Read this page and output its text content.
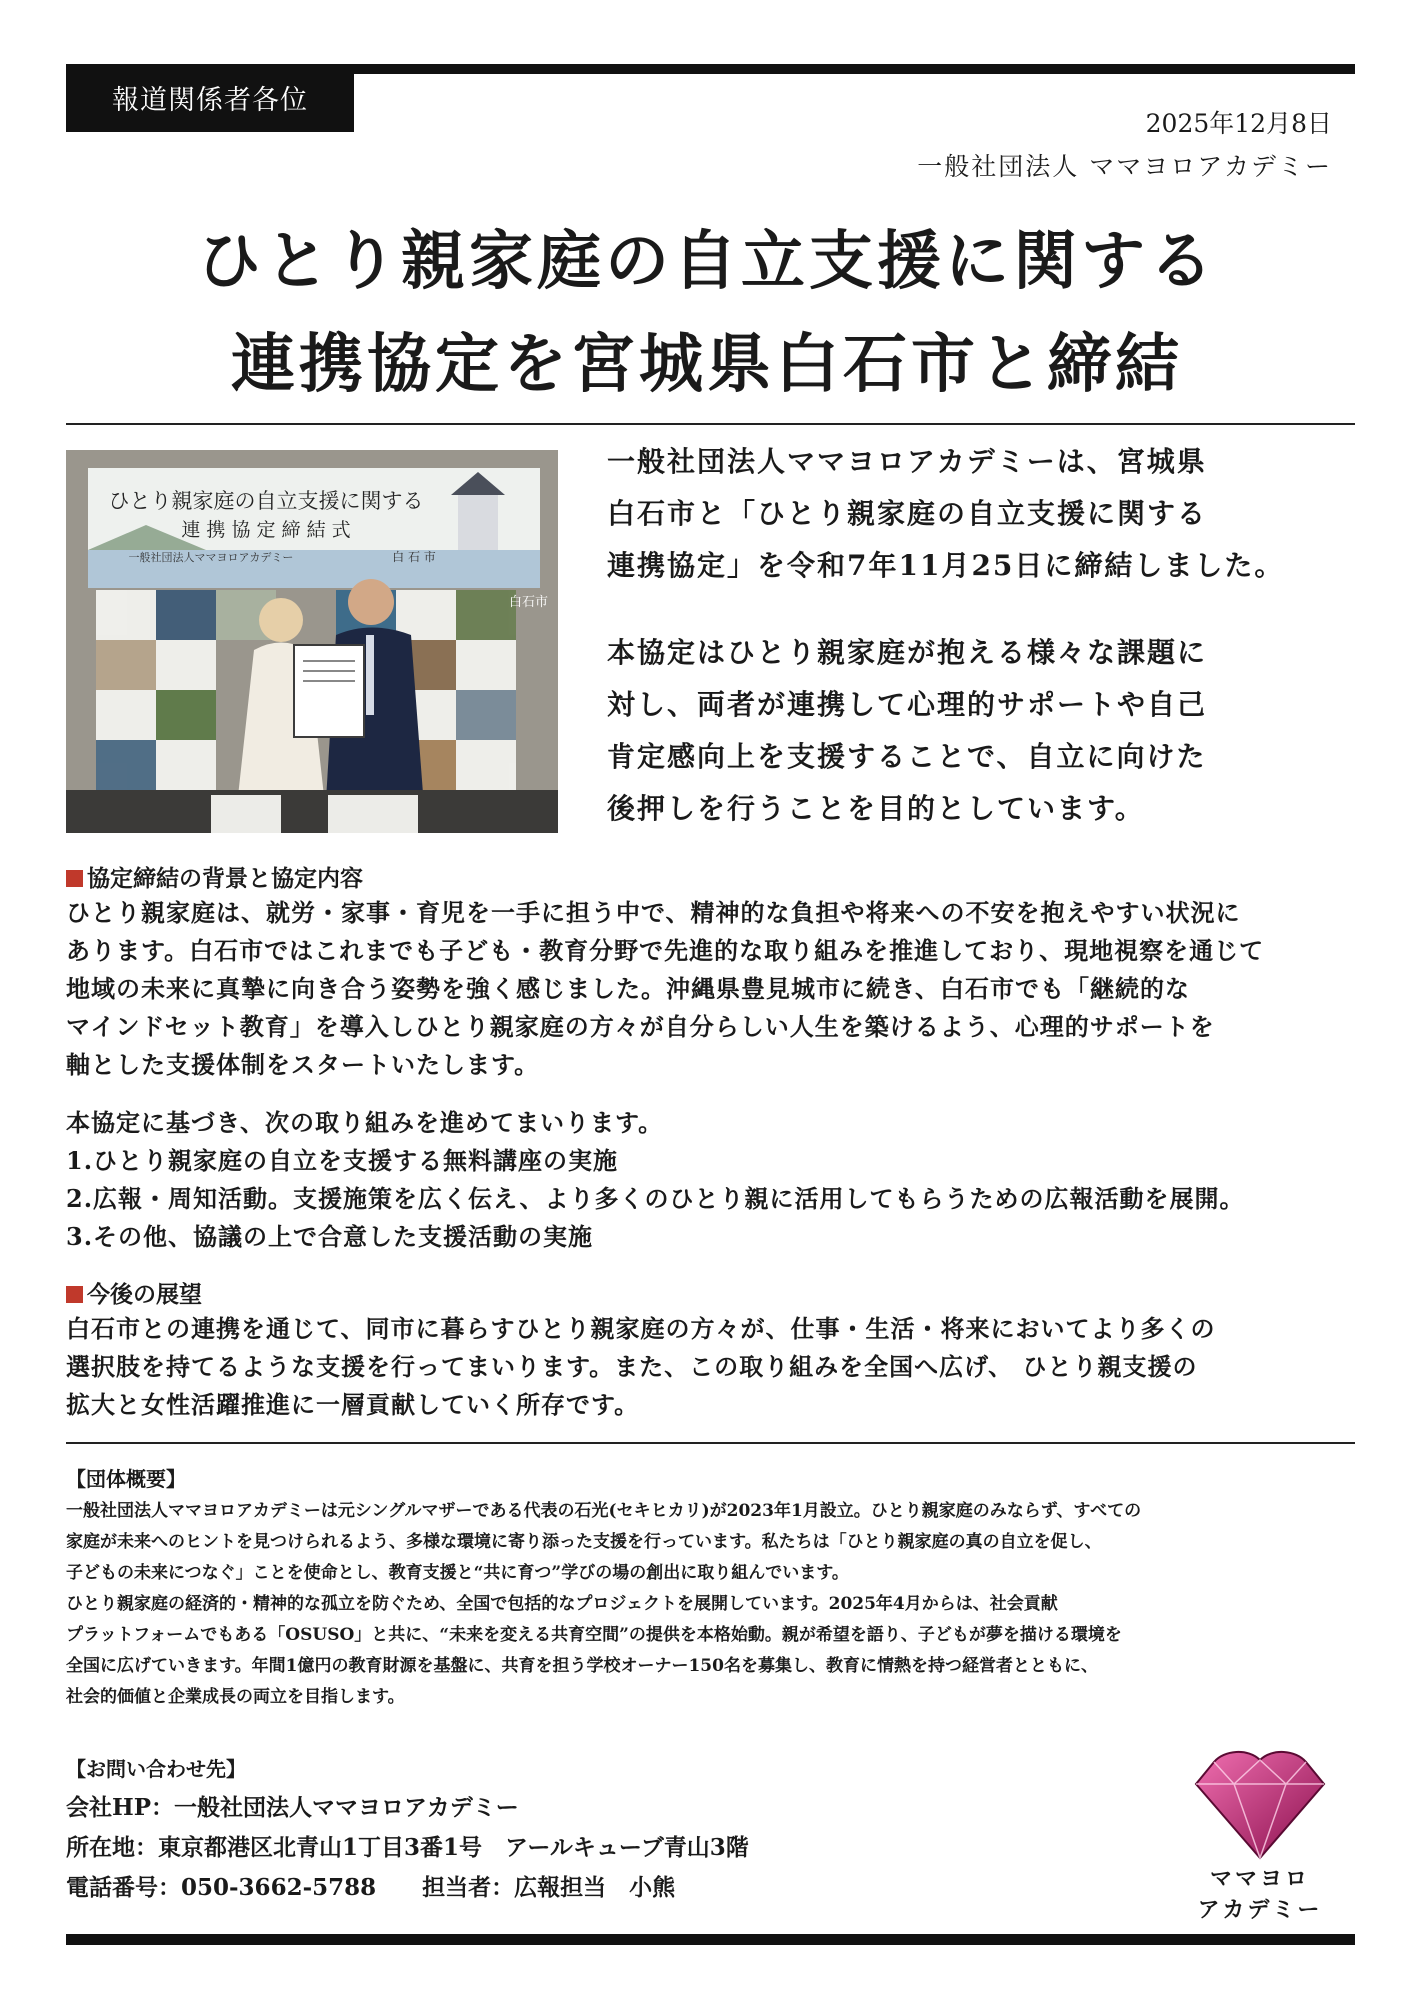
報道関係者各位
2025年12月8日
一般社団法人 ママヨロアカデミー
ひとり親家庭の自立支援に関する
連携協定を宮城県白石市と締結
ひとり親家庭の自立支援に関する
連 携 協 定 締 結 式
一般社団法人ママヨロアカデミー	白 石 市
白石市

一般社団法人ママヨロアカデミーは、宮城県

白石市と「ひとり親家庭の自立支援に関する

連携協定」を令和7年11月25日に締結しました。

本協定はひとり親家庭が抱える様々な課題に

対し、両者が連携して心理的サポートや自己

肯定感向上を支援することで、自立に向けた

後押しを行うことを目的としています。

協定締結の背景と協定内容

ひとり親家庭は、就労・家事・育児を一手に担う中で、精神的な負担や将来への不安を抱えやすい状況に

あります。白石市ではこれまでも子ども・教育分野で先進的な取り組みを推進しており、現地視察を通じて

地域の未来に真摯に向き合う姿勢を強く感じました。沖縄県豊見城市に続き、白石市でも「継続的な

マインドセット教育」を導入しひとり親家庭の方々が自分らしい人生を築けるよう、心理的サポートを

軸とした支援体制をスタートいたします。

本協定に基づき、次の取り組みを進めてまいります。

1.ひとり親家庭の自立を支援する無料講座の実施

2.広報・周知活動。支援施策を広く伝え、より多くのひとり親に活用してもらうための広報活動を展開。

3.その他、協議の上で合意した支援活動の実施

今後の展望

白石市との連携を通じて、同市に暮らすひとり親家庭の方々が、仕事・生活・将来においてより多くの

選択肢を持てるような支援を行ってまいります。また、この取り組みを全国へ広げ、 ひとり親支援の

拡大と女性活躍推進に一層貢献していく所存です。

【団体概要】

一般社団法人ママヨロアカデミーは元シングルマザーである代表の石光(セキヒカリ)が2023年1月設立。ひとり親家庭のみならず、すべての

家庭が未来へのヒントを見つけられるよう、多様な環境に寄り添った支援を行っています。私たちは「ひとり親家庭の真の自立を促し、

子どもの未来につなぐ」ことを使命とし、教育支援と“共に育つ”学びの場の創出に取り組んでいます。

ひとり親家庭の経済的・精神的な孤立を防ぐため、全国で包括的なプロジェクトを展開しています。2025年4月からは、社会貢献

プラットフォームでもある「OSUSO」と共に、“未来を変える共育空間”の提供を本格始動。親が希望を語り、子どもが夢を描ける環境を

全国に広げていきます。年間1億円の教育財源を基盤に、共育を担う学校オーナー150名を募集し、教育に情熱を持つ経営者とともに、

社会的価値と企業成長の両立を目指します。

【お問い合わせ先】

会社HP：一般社団法人ママヨロアカデミー

所在地：東京都港区北青山1丁目3番1号　アールキューブ青山3階

電話番号：050-3662-5788　　担当者：広報担当　小熊	ママヨロ
アカデミー
